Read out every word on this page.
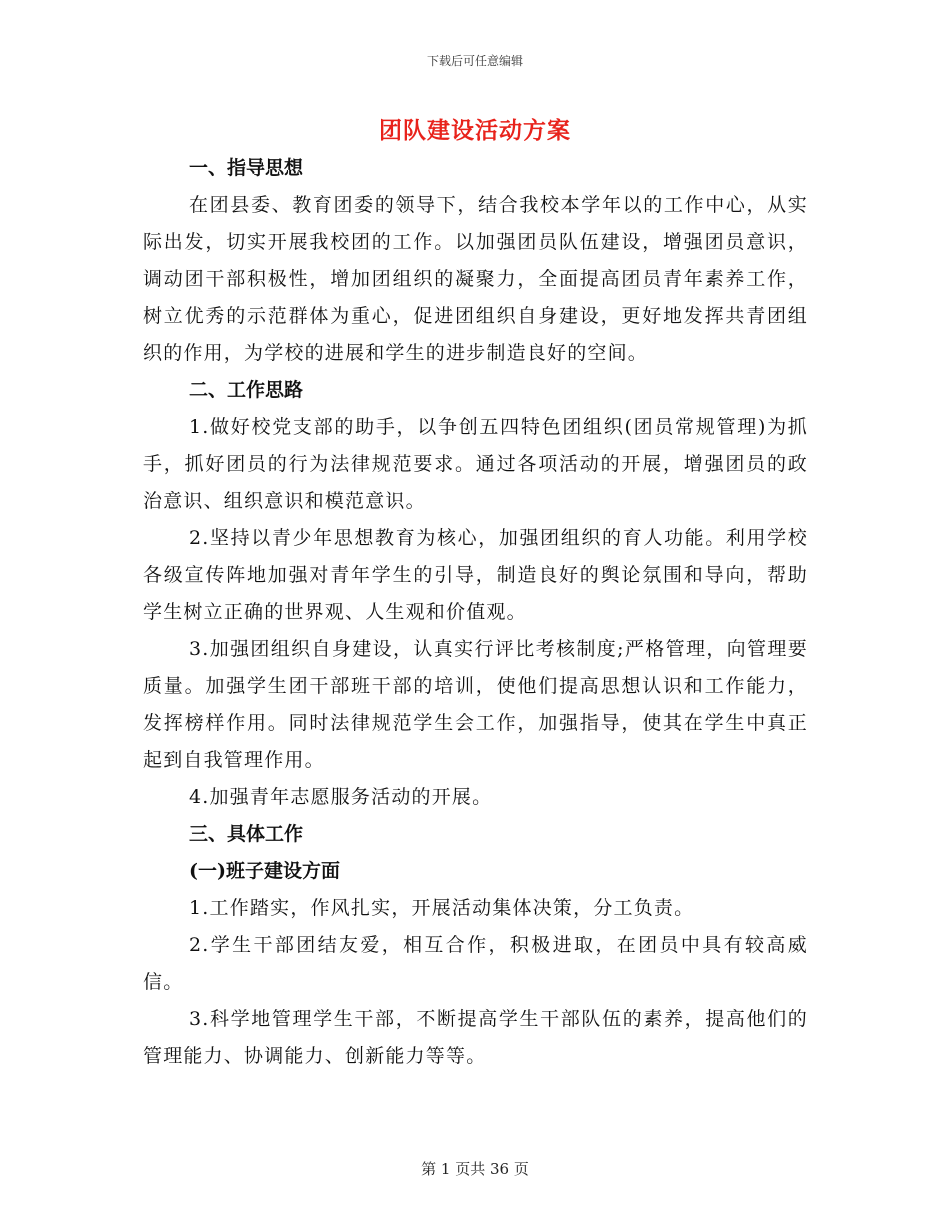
下载后可任意编辑
团队建设活动方案
一、指导思想
在团县委、教育团委的领导下，结合我校本学年以的工作中心，从实际出发，切实开展我校团的工作。以加强团员队伍建设，增强团员意识，调动团干部积极性，增加团组织的凝聚力，全面提高团员青年素养工作，树立优秀的示范群体为重心，促进团组织自身建设，更好地发挥共青团组织的作用，为学校的进展和学生的进步制造良好的空间。
二、工作思路
1.做好校党支部的助手，以争创五四特色团组织(团员常规管理)为抓手，抓好团员的行为法律规范要求。通过各项活动的开展，增强团员的政治意识、组织意识和模范意识。
2.坚持以青少年思想教育为核心，加强团组织的育人功能。利用学校各级宣传阵地加强对青年学生的引导，制造良好的舆论氛围和导向，帮助学生树立正确的世界观、人生观和价值观。
3.加强团组织自身建设，认真实行评比考核制度;严格管理，向管理要质量。加强学生团干部班干部的培训，使他们提高思想认识和工作能力，发挥榜样作用。同时法律规范学生会工作，加强指导，使其在学生中真正起到自我管理作用。
4.加强青年志愿服务活动的开展。
三、具体工作
(一)班子建设方面
1.工作踏实，作风扎实，开展活动集体决策，分工负责。
2.学生干部团结友爱，相互合作，积极进取，在团员中具有较高威信。
3.科学地管理学生干部，不断提高学生干部队伍的素养，提高他们的管理能力、协调能力、创新能力等等。
第 1 页共 36 页
